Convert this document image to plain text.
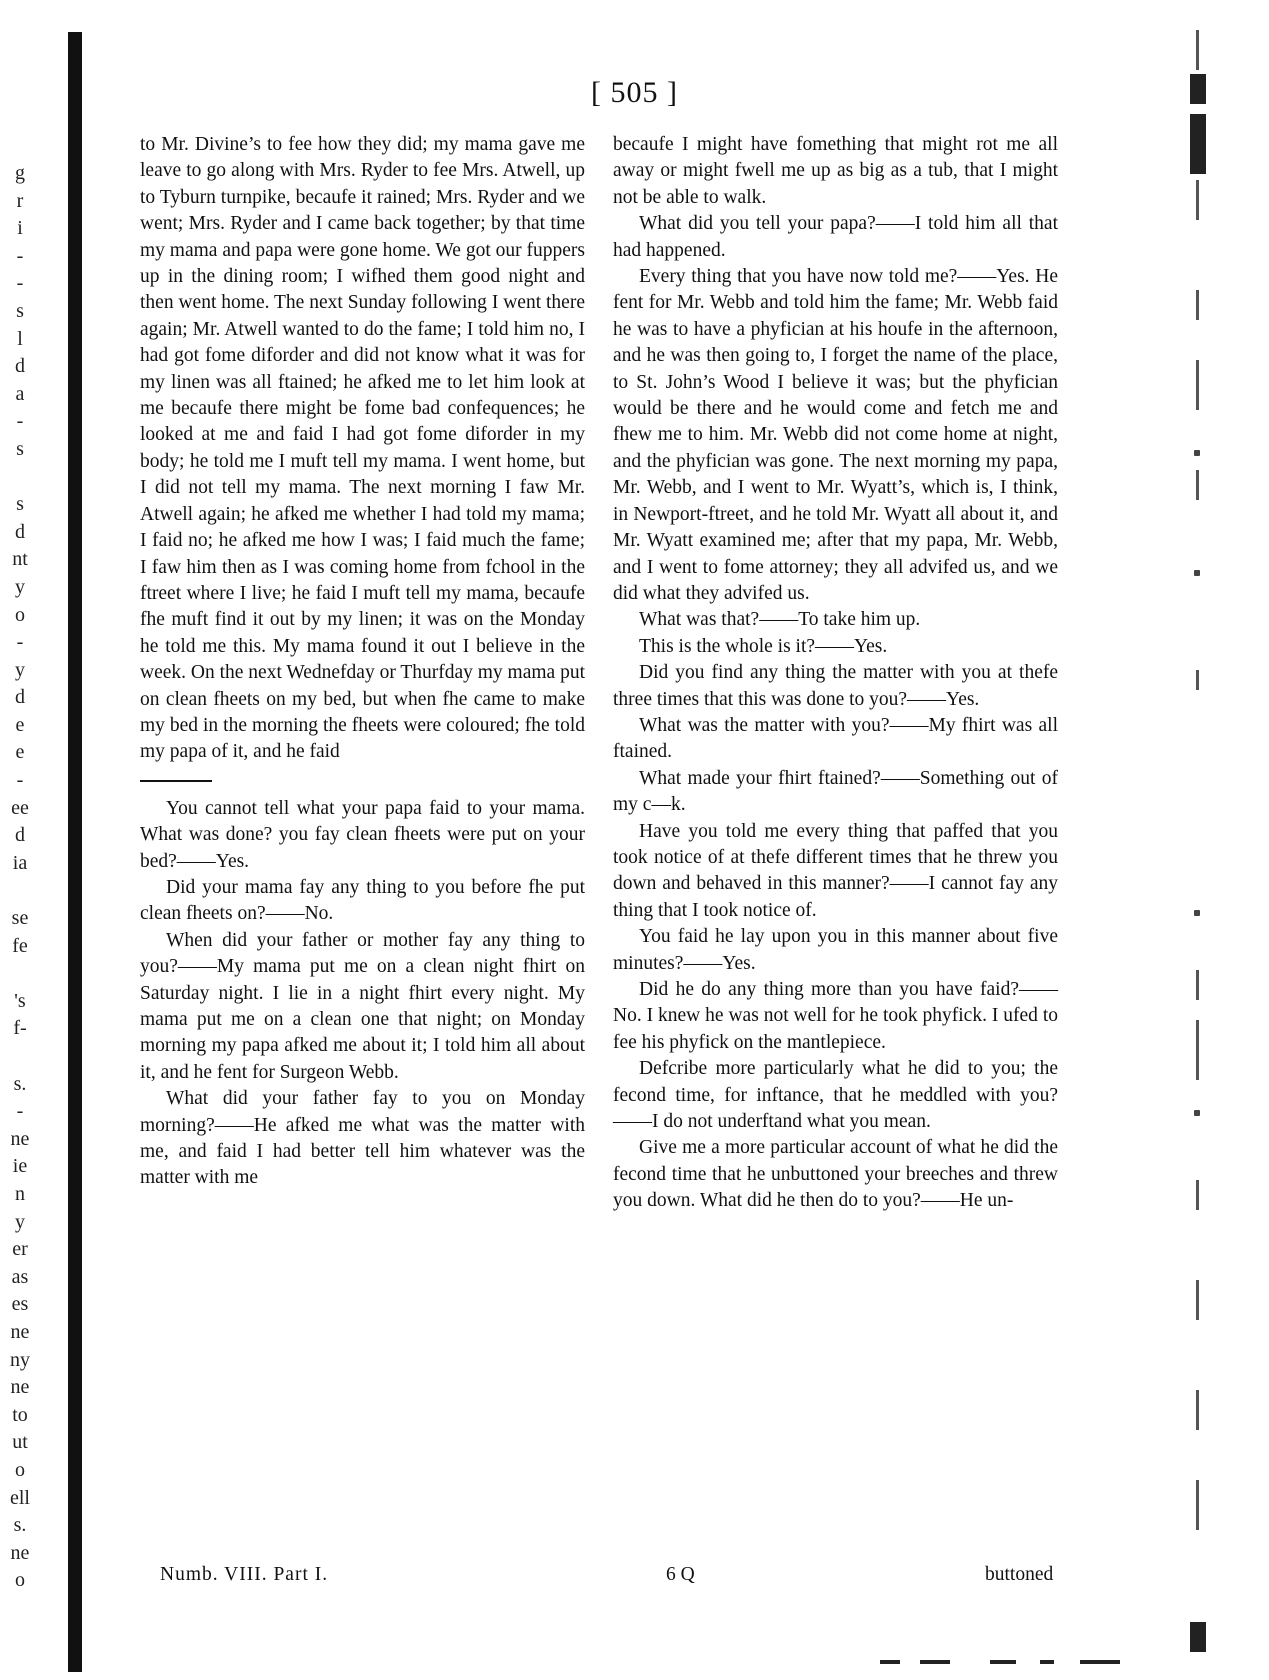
g
r
i
-
-
s
l
d
a
-
s

s
d
nt
y
o
-
y
d
e
e
-
ee
d
ia

se
fe

's
f-

s.
-
ne
ie
n
y
er
as
es
ne
ny
ne
to
ut
o
ell
s.
ne
o
[ 505 ]

to Mr. Divine’s to fee how they did; my mama gave me leave to go along with Mrs. Ryder to fee Mrs. Atwell, up to Tyburn turnpike, becaufe it rained; Mrs. Ryder and we went; Mrs. Ryder and I came back together; by that time my mama and papa were gone home. We got our fuppers up in the dining room; I wifhed them good night and then went home. The next Sunday following I went there again; Mr. Atwell wanted to do the fame; I told him no, I had got fome diforder and did not know what it was for my linen was all ftained; he afked me to let him look at me becaufe there might be fome bad confequences; he looked at me and faid I had got fome diforder in my body; he told me I muft tell my mama. I went home, but I did not tell my mama. The next morning I faw Mr. Atwell again; he afked me whether I had told my mama; I faid no; he afked me how I was; I faid much the fame; I faw him then as I was coming home from fchool in the ftreet where I live; he faid I muft tell my mama, becaufe fhe muft find it out by my linen; it was on the Monday he told me this. My mama found it out I believe in the week. On the next Wednefday or Thurfday my mama put on clean fheets on my bed, but when fhe came to make my bed in the morning the fheets were coloured; fhe told my papa of it, and he faid

You cannot tell what your papa faid to your mama. What was done? you fay clean fheets were put on your bed?——Yes.

Did your mama fay any thing to you before fhe put clean fheets on?——No.

When did your father or mother fay any thing to you?——My mama put me on a clean night fhirt on Saturday night. I lie in a night fhirt every night. My mama put me on a clean one that night; on Monday morning my papa afked me about it; I told him all about it, and he fent for Surgeon Webb.

What did your father fay to you on Monday morning?——He afked me what was the matter with me, and faid I had better tell him whatever was the matter with me

becaufe I might have fomething that might rot me all away or might fwell me up as big as a tub, that I might not be able to walk.

What did you tell your papa?——I told him all that had happened.

Every thing that you have now told me?——Yes. He fent for Mr. Webb and told him the fame; Mr. Webb faid he was to have a phyfician at his houfe in the afternoon, and he was then going to, I forget the name of the place, to St. John’s Wood I believe it was; but the phyfician would be there and he would come and fetch me and fhew me to him. Mr. Webb did not come home at night, and the phyfician was gone. The next morning my papa, Mr. Webb, and I went to Mr. Wyatt’s, which is, I think, in Newport-ftreet, and he told Mr. Wyatt all about it, and Mr. Wyatt examined me; after that my papa, Mr. Webb, and I went to fome attorney; they all advifed us, and we did what they advifed us.

What was that?——To take him up.

This is the whole is it?——Yes.

Did you find any thing the matter with you at thefe three times that this was done to you?——Yes.

What was the matter with you?——My fhirt was all ftained.

What made your fhirt ftained?——Something out of my c—k.

Have you told me every thing that paffed that you took notice of at thefe different times that he threw you down and behaved in this manner?——I cannot fay any thing that I took notice of.

You faid he lay upon you in this manner about five minutes?——Yes.

Did he do any thing more than you have faid?——No. I knew he was not well for he took phyfick. I ufed to fee his phyfick on the mantlepiece.

Defcribe more particularly what he did to you; the fecond time, for inftance, that he meddled with you?——I do not underftand what you mean.

Give me a more particular account of what he did the fecond time that he unbuttoned your breeches and threw you down. What did he then do to you?——He un-

Numb. VIII. Part I.	6 Q	buttoned
